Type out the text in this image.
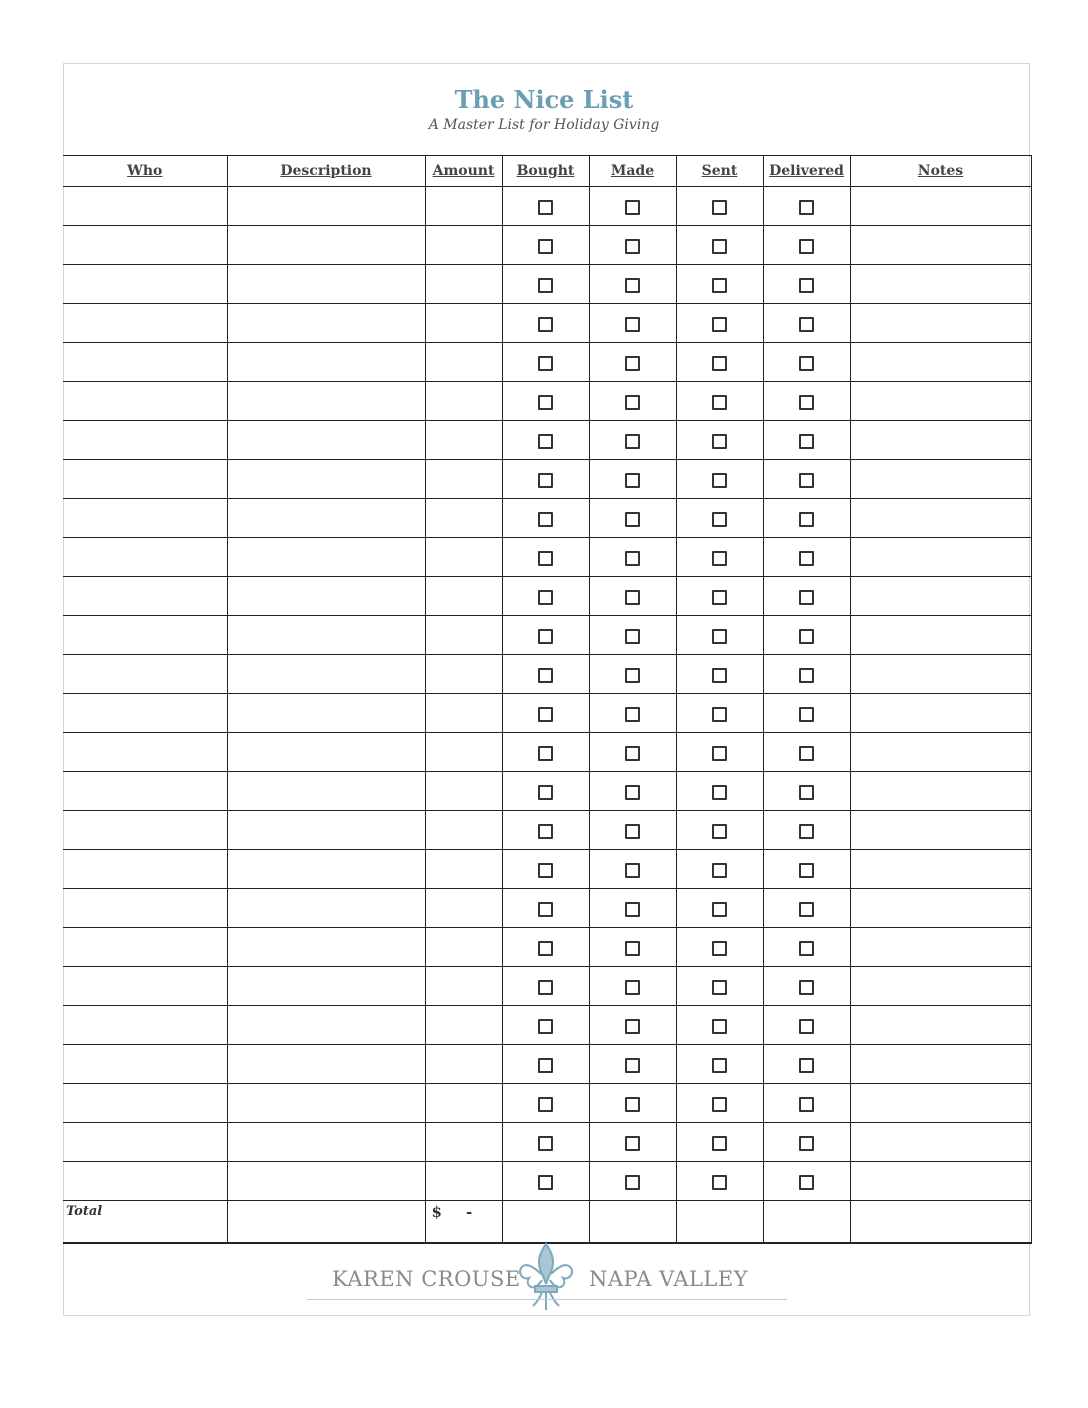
The Nice List
A Master List for Holiday Giving
Who	Description	Amount	Bought	Made	Sent	Delivered	Notes

Total		$ -					
KAREN CROUSE	NAPA VALLEY
